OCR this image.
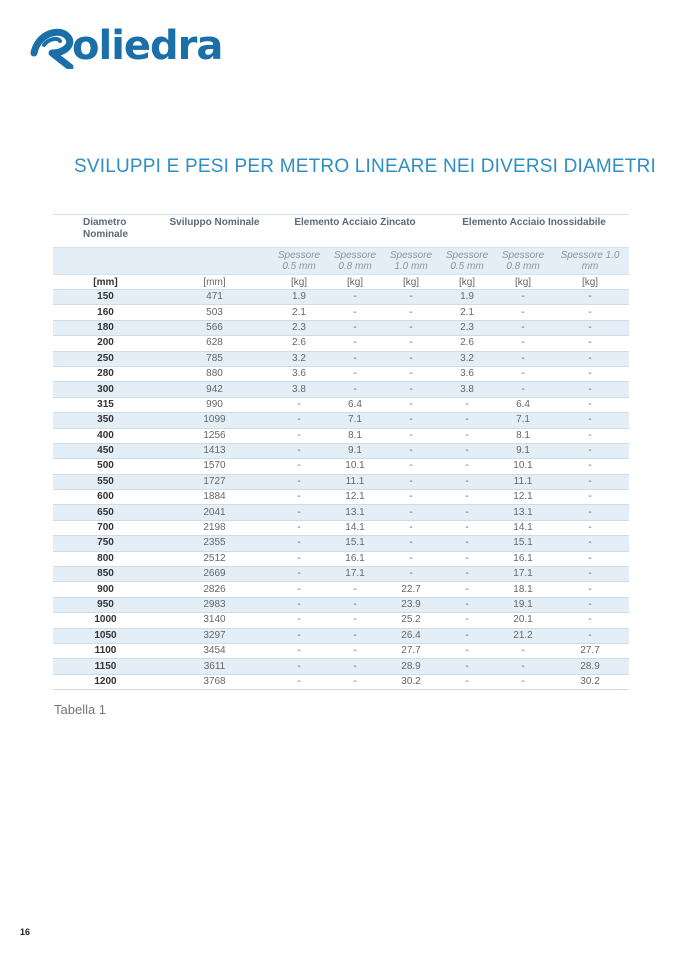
oliedra
SVILUPPI E PESI PER METRO LINEARE NEI DIVERSI DIAMETRI
Diametro Nominale	Sviluppo Nominale	Elemento Acciaio Zincato			Elemento Acciaio Inossidabile		
		Spessore 0.5 mm	Spessore 0.8 mm	Spessore 1.0 mm	Spessore 0.5 mm	Spessore 0.8 mm	Spessore 1.0 mm
[mm]	[mm]	[kg]	[kg]	[kg]	[kg]	[kg]	[kg]
150	471	1.9	-	-	1.9	-	-
160	503	2.1	-	-	2.1	-	-
180	566	2.3	-	-	2.3	-	-
200	628	2.6	-	-	2.6	-	-
250	785	3.2	-	-	3.2	-	-
280	880	3.6	-	-	3.6	-	-
300	942	3.8	-	-	3.8	-	-
315	990	-	6.4	-	-	6.4	-
350	1099	-	7.1	-	-	7.1	-
400	1256	-	8.1	-	-	8.1	-
450	1413	-	9.1	-	-	9.1	-
500	1570	-	10.1	-	-	10.1	-
550	1727	-	11.1	-	-	11.1	-
600	1884	-	12.1	-	-	12.1	-
650	2041	-	13.1	-	-	13.1	-
700	2198	-	14.1	-	-	14.1	-
750	2355	-	15.1	-	-	15.1	-
800	2512	-	16.1	-	-	16.1	-
850	2669	-	17.1	-	-	17.1	-
900	2826	-	-	22.7	-	18.1	-
950	2983	-	-	23.9	-	19.1	-
1000	3140	-	-	25.2	-	20.1	-
1050	3297	-	-	26.4	-	21.2	-
1100	3454	-	-	27.7	-	-	27.7
1150	3611	-	-	28.9	-	-	28.9
1200	3768	-	-	30.2	-	-	30.2
Tabella 1
16
